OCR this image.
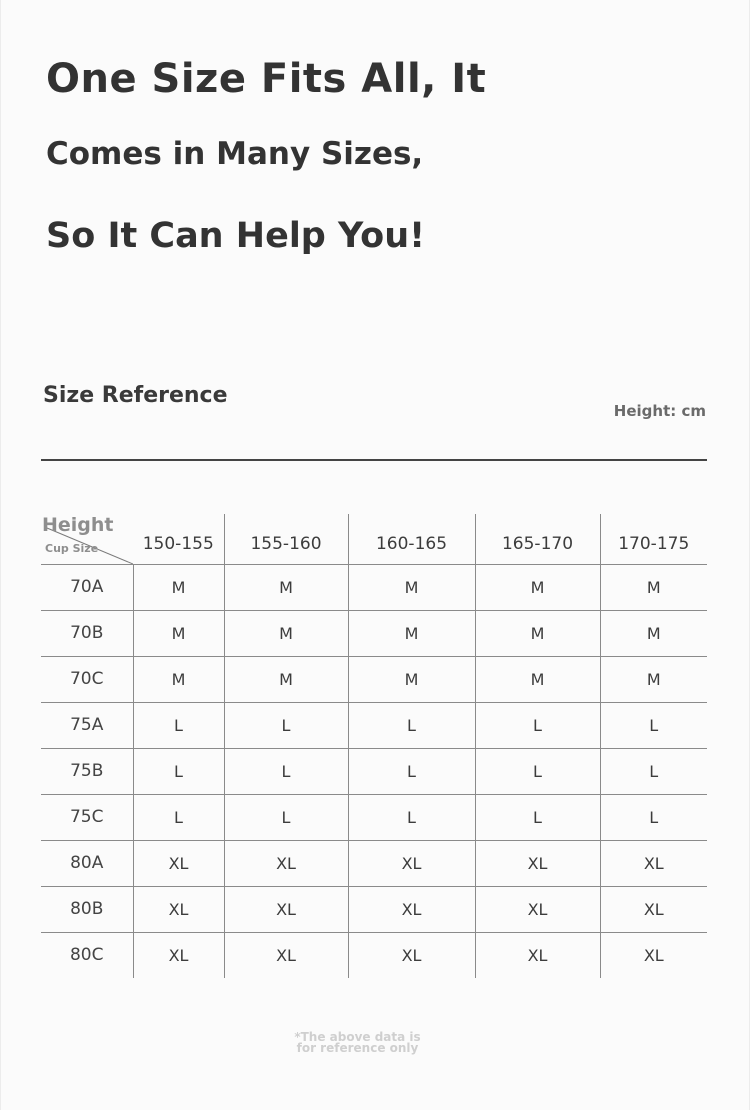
One Size Fits All, It
Comes in Many Sizes,
So It Can Help You!
Size Reference
Height: cm
Height
Cup Size	150-155	155-160	160-165	165-170	170-175
70A	M	M	M	M	M
70B	M	M	M	M	M
70C	M	M	M	M	M
75A	L	L	L	L	L
75B	L	L	L	L	L
75C	L	L	L	L	L
80A	XL	XL	XL	XL	XL
80B	XL	XL	XL	XL	XL
80C	XL	XL	XL	XL	XL
*The above data is
for reference only
